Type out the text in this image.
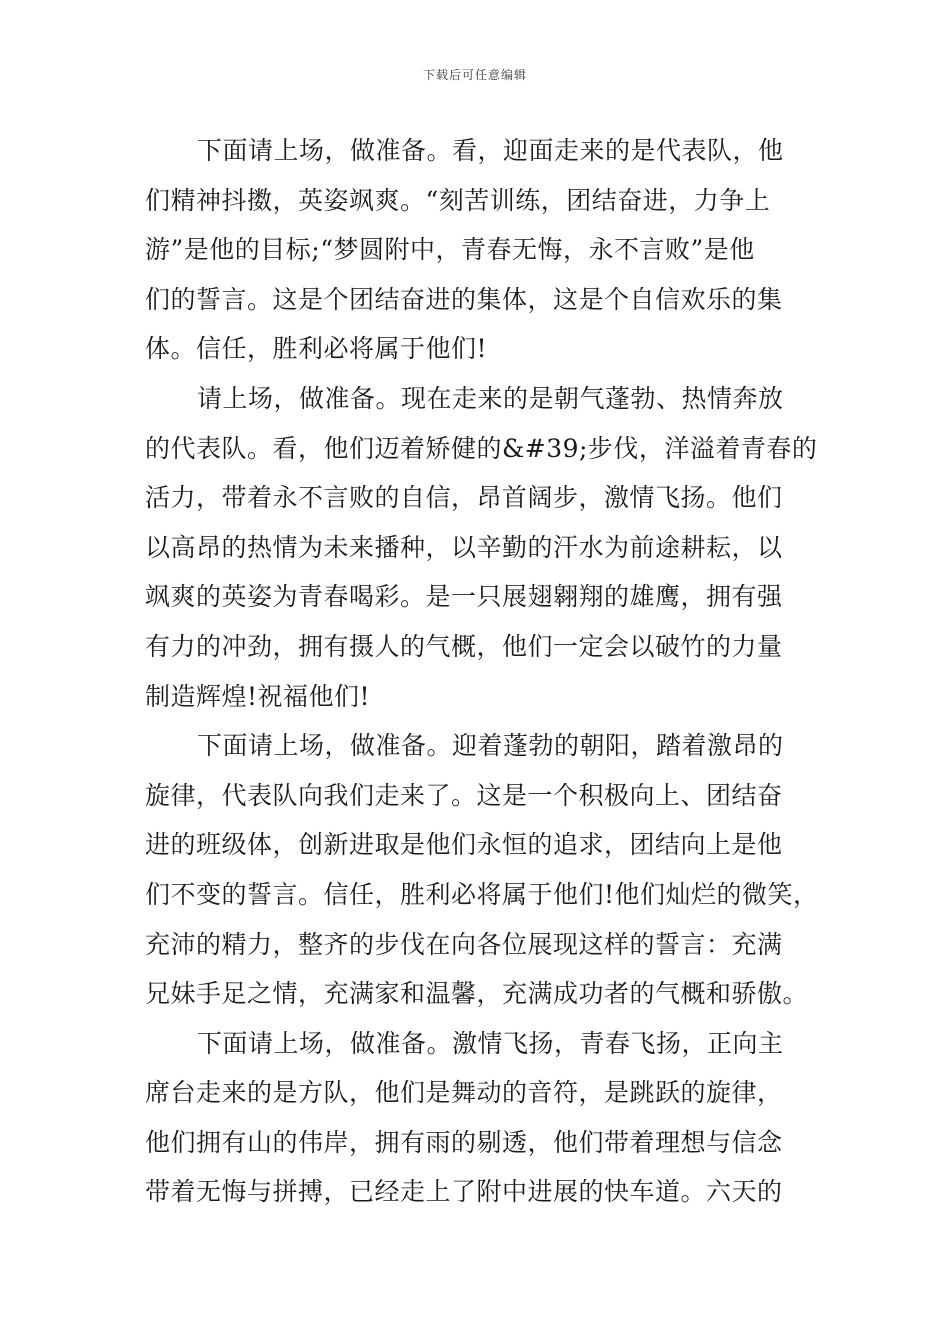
下载后可任意编辑

下面请上场，做准备。看，迎面走来的是代表队，他
们精神抖擞，英姿飒爽。“刻苦训练，团结奋进，力争上
游”是他的目标;“梦圆附中，青春无悔，永不言败”是他
们的誓言。这是个团结奋进的集体，这是个自信欢乐的集
体。信任，胜利必将属于他们!

请上场，做准备。现在走来的是朝气蓬勃、热情奔放
的代表队。看，他们迈着矫健的&#39;步伐，洋溢着青春的
活力，带着永不言败的自信，昂首阔步，激情飞扬。他们
以高昂的热情为未来播种，以辛勤的汗水为前途耕耘，以
飒爽的英姿为青春喝彩。是一只展翅翱翔的雄鹰，拥有强
有力的冲劲，拥有摄人的气概，他们一定会以破竹的力量
制造辉煌!祝福他们!

下面请上场，做准备。迎着蓬勃的朝阳，踏着激昂的
旋律，代表队向我们走来了。这是一个积极向上、团结奋
进的班级体，创新进取是他们永恒的追求，团结向上是他
们不变的誓言。信任，胜利必将属于他们!他们灿烂的微笑，
充沛的精力，整齐的步伐在向各位展现这样的誓言：充满
兄妹手足之情，充满家和温馨，充满成功者的气概和骄傲。

下面请上场，做准备。激情飞扬，青春飞扬，正向主
席台走来的是方队，他们是舞动的音符，是跳跃的旋律，
他们拥有山的伟岸，拥有雨的剔透，他们带着理想与信念
带着无悔与拼搏，已经走上了附中进展的快车道。六天的
